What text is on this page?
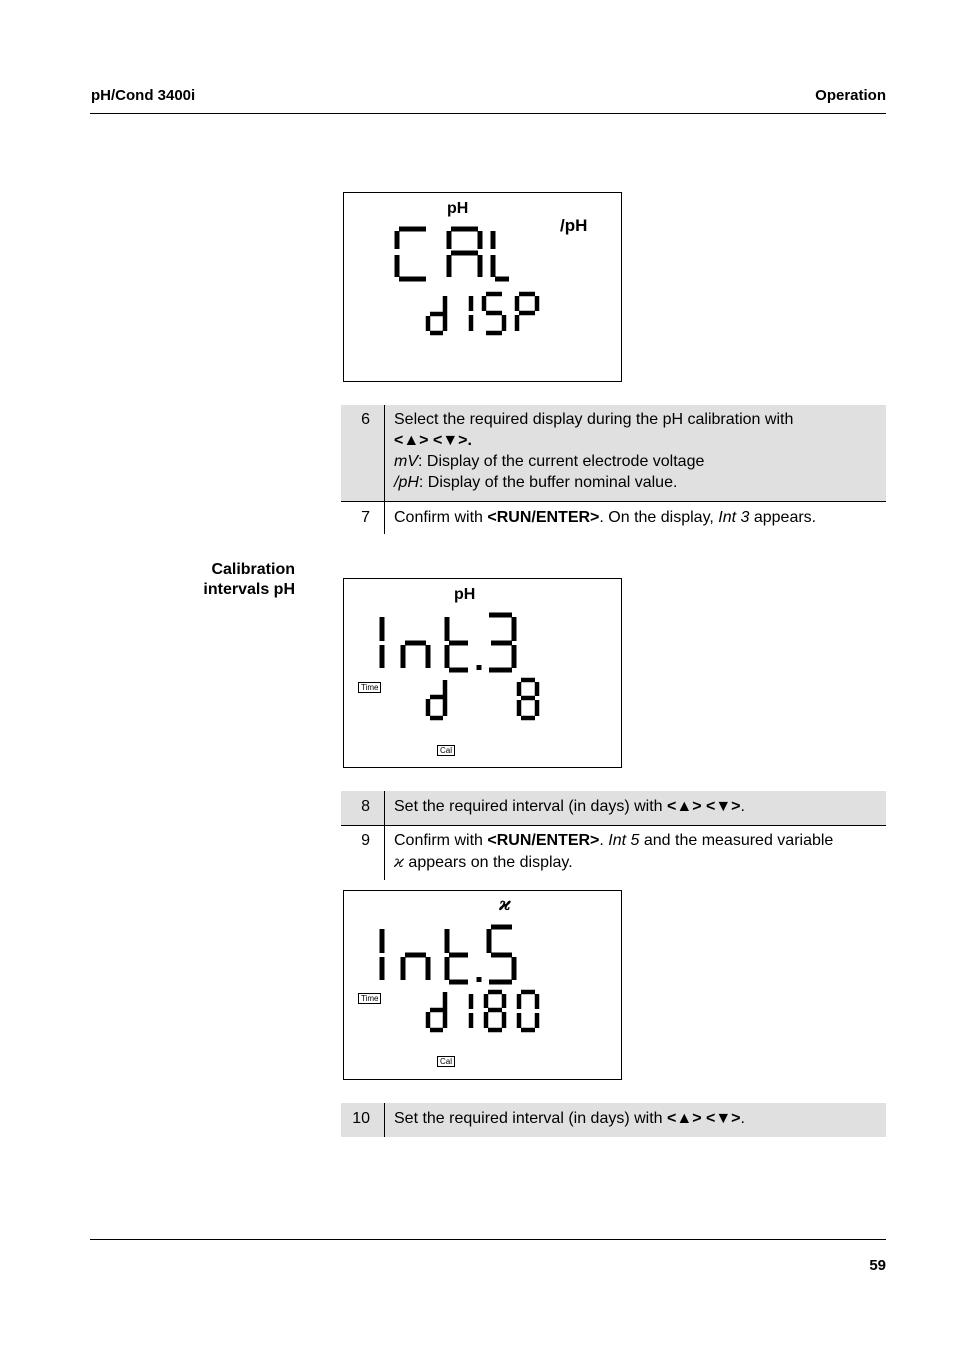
pH/Cond 3400i	Operation
pH
/pH
6 Select the required display during the pH calibration with
<▲> <▼>.
mV: Display of the current electrode voltage
/pH: Display of the buffer nominal value.
7	Confirm with <RUN/ENTER>. On the display, Int 3 appears.
Calibration
intervals pH	pH
Time
Cal
8	Set the required interval (in days) with <▲> <▼>.
9 Confirm with <RUN/ENTER>. Int 5 and the measured variable
ϰ appears on the display.
ϰ
Time
Cal
10	Set the required interval (in days) with <▲> <▼>.
59
